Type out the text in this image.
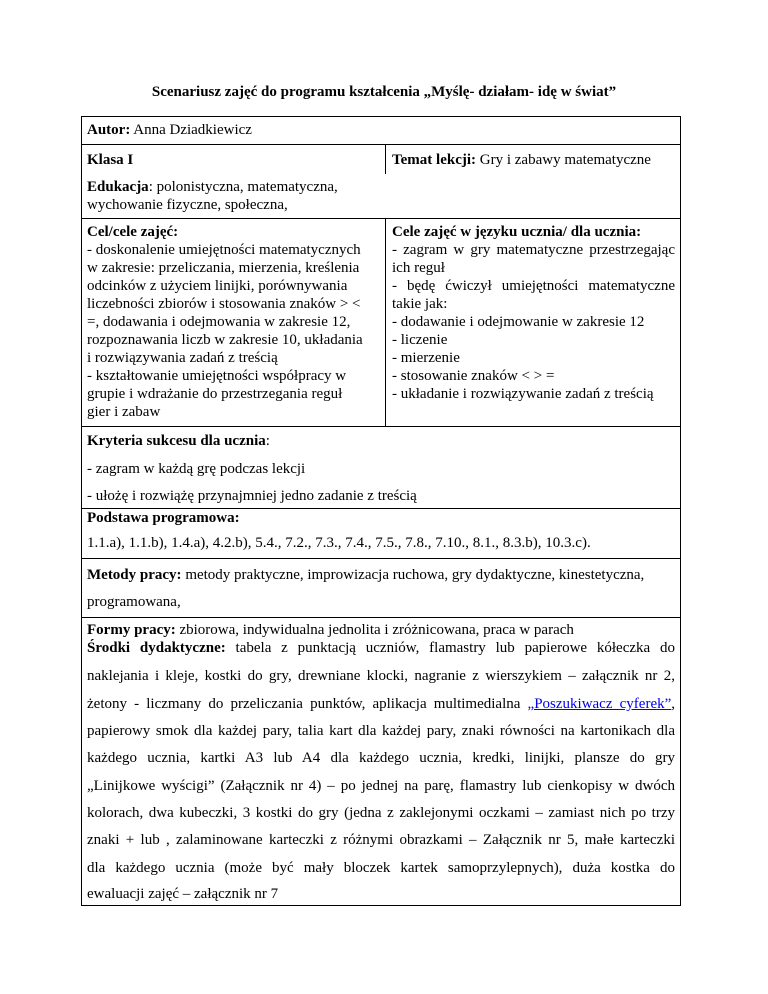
Scenariusz zajęć do programu kształcenia „Myślę- działam- idę w świat”
Autor: Anna Dziadkiewicz
Klasa I	Temat lekcji: Gry i zabawy matematyczne
Edukacja: polonistyczna, matematyczna,
wychowanie fizyczne, społeczna,
Cel/cele zajęć:
- doskonalenie umiejętności matematycznych
w zakresie: przeliczania, mierzenia, kreślenia
odcinków z użyciem linijki, porównywania
liczebności zbiorów i stosowania znaków > <
=, dodawania i odejmowania w zakresie 12,
rozpoznawania liczb w zakresie 10, układania
i rozwiązywania zadań z treścią
- kształtowanie umiejętności współpracy w
grupie i wdrażanie do przestrzegania reguł
gier i zabaw
Cele zajęć w języku ucznia/ dla ucznia:
- zagram w gry matematyczne przestrzegając
ich reguł
- będę ćwiczył umiejętności matematyczne
takie jak:
- dodawanie i odejmowanie w zakresie 12
- liczenie
- mierzenie
- stosowanie znaków < > =
- układanie i rozwiązywanie zadań z treścią
Kryteria sukcesu dla ucznia:
- zagram w każdą grę podczas lekcji
- ułożę i rozwiążę przynajmniej jedno zadanie z treścią
Podstawa programowa:
1.1.a), 1.1.b), 1.4.a), 4.2.b), 5.4., 7.2., 7.3., 7.4., 7.5., 7.8., 7.10., 8.1., 8.3.b), 10.3.c).
Metody pracy: metody praktyczne, improwizacja ruchowa, gry dydaktyczne, kinestetyczna,
programowana,
Formy pracy: zbiorowa, indywidualna jednolita i zróżnicowana, praca w parach
Środki dydaktyczne: tabela z punktacją uczniów, flamastry lub papierowe kółeczka do
naklejania i kleje, kostki do gry, drewniane klocki, nagranie z wierszykiem – załącznik nr 2,
żetony - liczmany do przeliczania punktów, aplikacja multimedialna „Poszukiwacz cyferek”,
papierowy smok dla każdej pary, talia kart dla każdej pary, znaki równości na kartonikach dla
każdego ucznia, kartki A3 lub A4 dla każdego ucznia, kredki, linijki, plansze do gry
„Linijkowe wyścigi” (Załącznik nr 4) – po jednej na parę, flamastry lub cienkopisy w dwóch
kolorach, dwa kubeczki, 3 kostki do gry (jedna z zaklejonymi oczkami – zamiast nich po trzy
znaki + lub , zalaminowane karteczki z różnymi obrazkami – Załącznik nr 5, małe karteczki
dla każdego ucznia (może być mały bloczek kartek samoprzylepnych), duża kostka do
ewaluacji zajęć – załącznik nr 7
